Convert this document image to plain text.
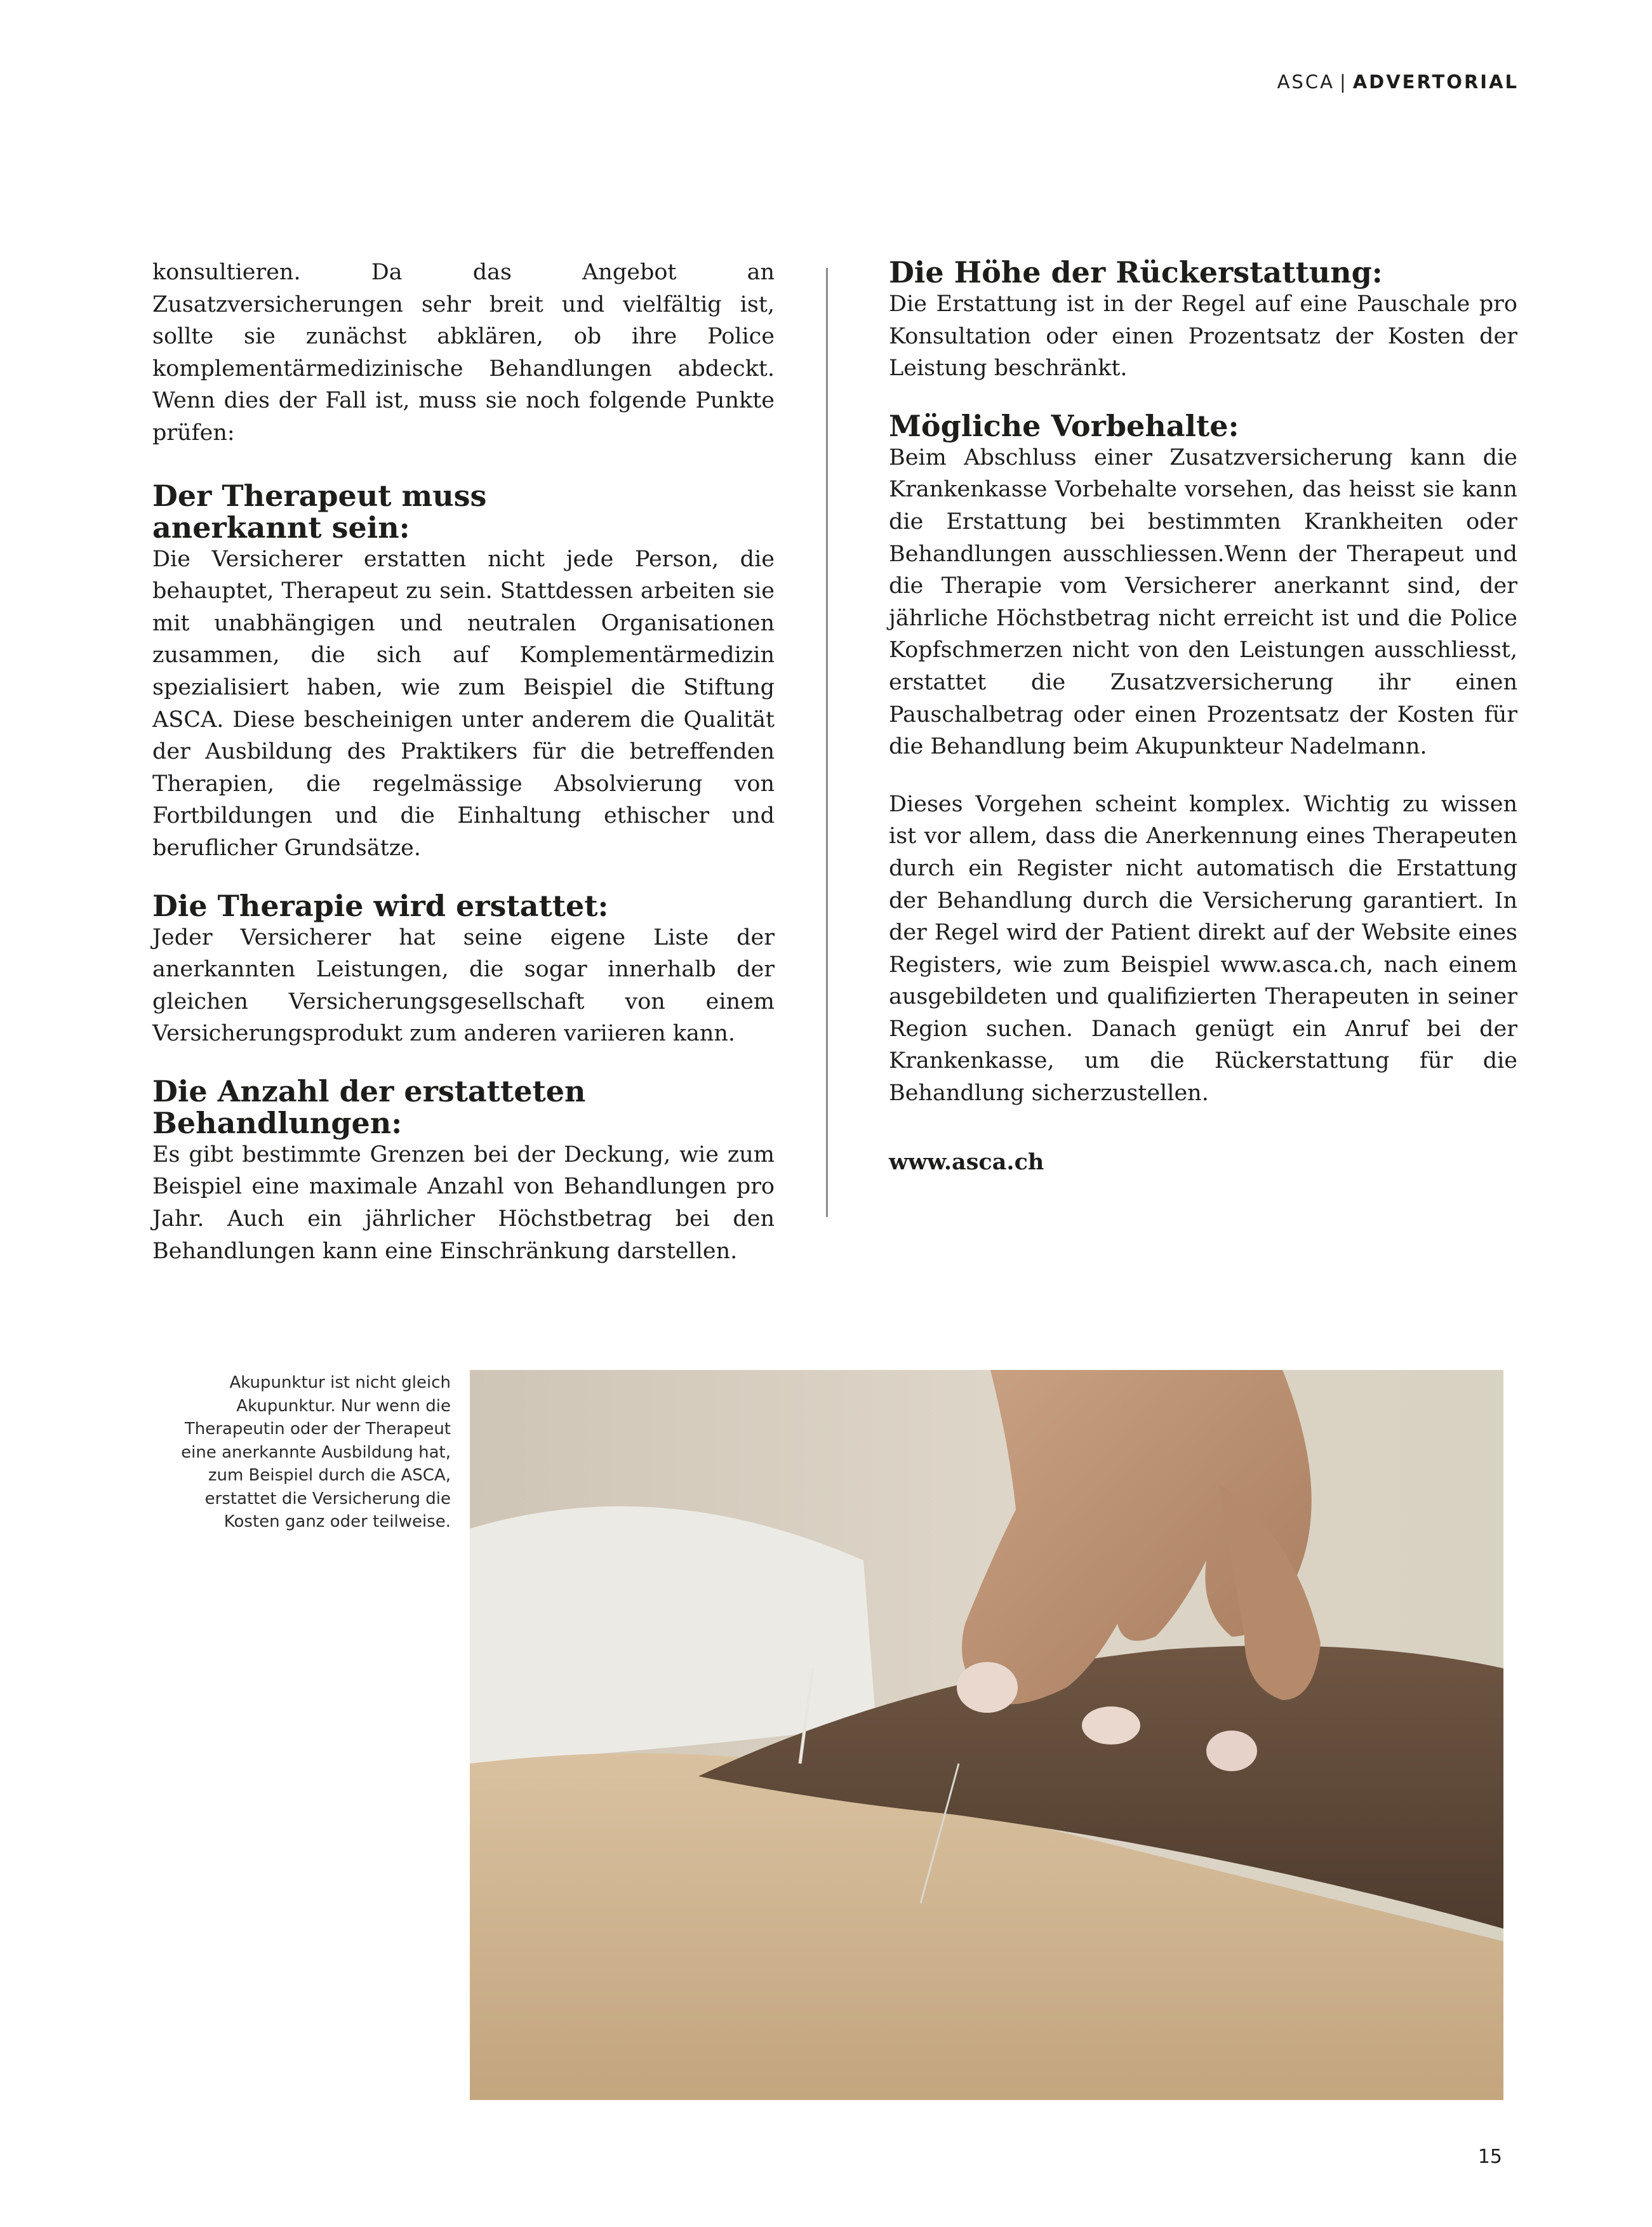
ASCA | ADVERTORIAL

konsultieren. Da das Angebot an Zusatzversicherungen sehr breit und vielfältig ist, sollte sie zunächst abklären, ob ihre Police komplementärmedizinische Behandlungen abdeckt. Wenn dies der Fall ist, muss sie noch folgende Punkte prüfen:

Der Therapeut muss
anerkannt sein:

Die Versicherer erstatten nicht jede Person, die behauptet, Therapeut zu sein. Stattdessen arbeiten sie mit unabhängigen und neutralen Organisationen zusammen, die sich auf Komplementärmedizin spezialisiert haben, wie zum Beispiel die Stiftung ASCA. Diese bescheinigen unter anderem die Qualität der Ausbildung des Praktikers für die betreffenden Therapien, die regelmässige Absolvierung von Fortbildungen und die Einhaltung ethischer und beruflicher Grundsätze.

Die Therapie wird erstattet:

Jeder Versicherer hat seine eigene Liste der anerkannten Leistungen, die sogar innerhalb der gleichen Versicherungsgesellschaft von einem Versicherungsprodukt zum anderen variieren kann.

Die Anzahl der erstatteten
Behandlungen:

Es gibt bestimmte Grenzen bei der Deckung, wie zum Beispiel eine maximale Anzahl von Behandlungen pro Jahr. Auch ein jährlicher Höchstbetrag bei den Behandlungen kann eine Einschränkung darstellen.

Die Höhe der Rückerstattung:

Die Erstattung ist in der Regel auf eine Pauschale pro Konsultation oder einen Prozentsatz der Kosten der Leistung beschränkt.

Mögliche Vorbehalte:

Beim Abschluss einer Zusatzversicherung kann die Krankenkasse Vorbehalte vorsehen, das heisst sie kann die Erstattung bei bestimmten Krankheiten oder Behandlungen ausschliessen.Wenn der Therapeut und die Therapie vom Versicherer anerkannt sind, der jährliche Höchstbetrag nicht erreicht ist und die Police Kopfschmerzen nicht von den Leistungen ausschliesst, erstattet die Zusatzversicherung ihr einen Pauschalbetrag oder einen Prozentsatz der Kosten für die Behandlung beim Akupunkteur Nadelmann.

Dieses Vorgehen scheint komplex. Wichtig zu wissen ist vor allem, dass die Anerkennung eines Therapeuten durch ein Register nicht automatisch die Erstattung der Behandlung durch die Versicherung garantiert. In der Regel wird der Patient direkt auf der Website eines Registers, wie zum Beispiel www.asca.ch, nach einem ausgebildeten und qualifizierten Therapeuten in seiner Region suchen. Danach genügt ein Anruf bei der Krankenkasse, um die Rückerstattung für die Behandlung sicherzustellen.

www.asca.ch
Akupunktur ist nicht gleich Akupunktur. Nur wenn die Therapeutin oder der Therapeut eine anerkannte Ausbildung hat, zum Beispiel durch die ASCA, erstattet die Versicherung die Kosten ganz oder teilweise.
15
